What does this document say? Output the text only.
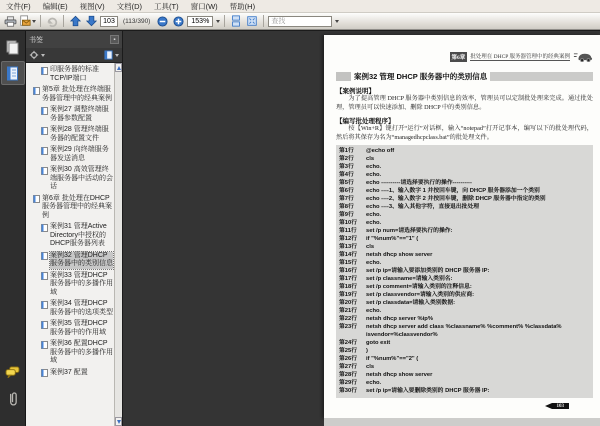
文件(F)	编辑(E)	视图(V)	文档(D)	工具(T)	窗口(W)	帮助(H)
103
(113/390)
153%
查找
书签	▪
印服务器的标准TCP/IP端口
第5章 批处理在终端服务器管理中的经典案例
案例27 调整终端服务器参数配置
案例28 管理终端服务器的配置文件
案例29 向终端服务器发送消息
案例30 高效管理终端服务器中活动的会话
第6章 批处理在DHCP服务器管理中的经典案例
案例31 管理Active Directory中授权的DHCP服务器列表
案例32 管理DHCP服务器中的类别信息
案例33 管理DHCP服务器中的多播作用域
案例34 管理DHCP服务器中的选项类型
案例35 管理DHCP服务器中的作用域
案例36 配置DHCP服务器中的多播作用域
案例37 配置
第6章 批处理在 DHCP 服务器管理中的经典案例
案例32 管理 DHCP 服务器中的类别信息
【案例说明】
为了提高管理 DHCP 服务器中类别信息的效率，管理员可以定制批处理来完成。通过批处理，管理员可以快速添加、删除 DHCP 中的类别信息。
【编写批处理程序】
按【Win+R】键打开“运行”对话框，输入“notepad”打开记事本，编写以下的批处理代码，然后将其保存为名为“managedhcpclass.bat”的批处理文件。
第1行	@echo off
第2行	cls
第3行	echo.
第4行	echo.
第5行	echo ----------请选择要执行的操作----------
第6行	echo ----1、输入数字 1 并按回车键，向 DHCP 服务器添加一个类别
第7行	echo ----2、输入数字 2 并按回车键，删除 DHCP 服务器中指定的类别
第8行	echo ----3、输入其他字符，直接退出批处理
第9行	echo.
第10行	echo.
第11行	set /p num=请选择要执行的操作:
第12行	if "%num%"=="1" (
第13行	cls
第14行	netsh dhcp show server
第15行	echo.
第16行	set /p ip=请输入要添加类别的 DHCP 服务器 IP:
第17行	set /p classname=请输入类别名:
第18行	set /p comment=请输入类别的注释信息:
第19行	set /p classvendor=请输入类别的供应商:
第20行	set /p classdata=请输入类别数据:
第21行	echo.
第22行	netsh dhcp server %ip%
第23行	netsh dhcp server add class %classname% %comment% %classdata% isvendor=%classvendor%
第24行	goto exit
第25行	)
第26行	if "%num%"=="2" (
第27行	cls
第28行	netsh dhcp show server
第29行	echo.
第30行	set /p ip=请输入要删除类别的 DHCP 服务器 IP:
103
